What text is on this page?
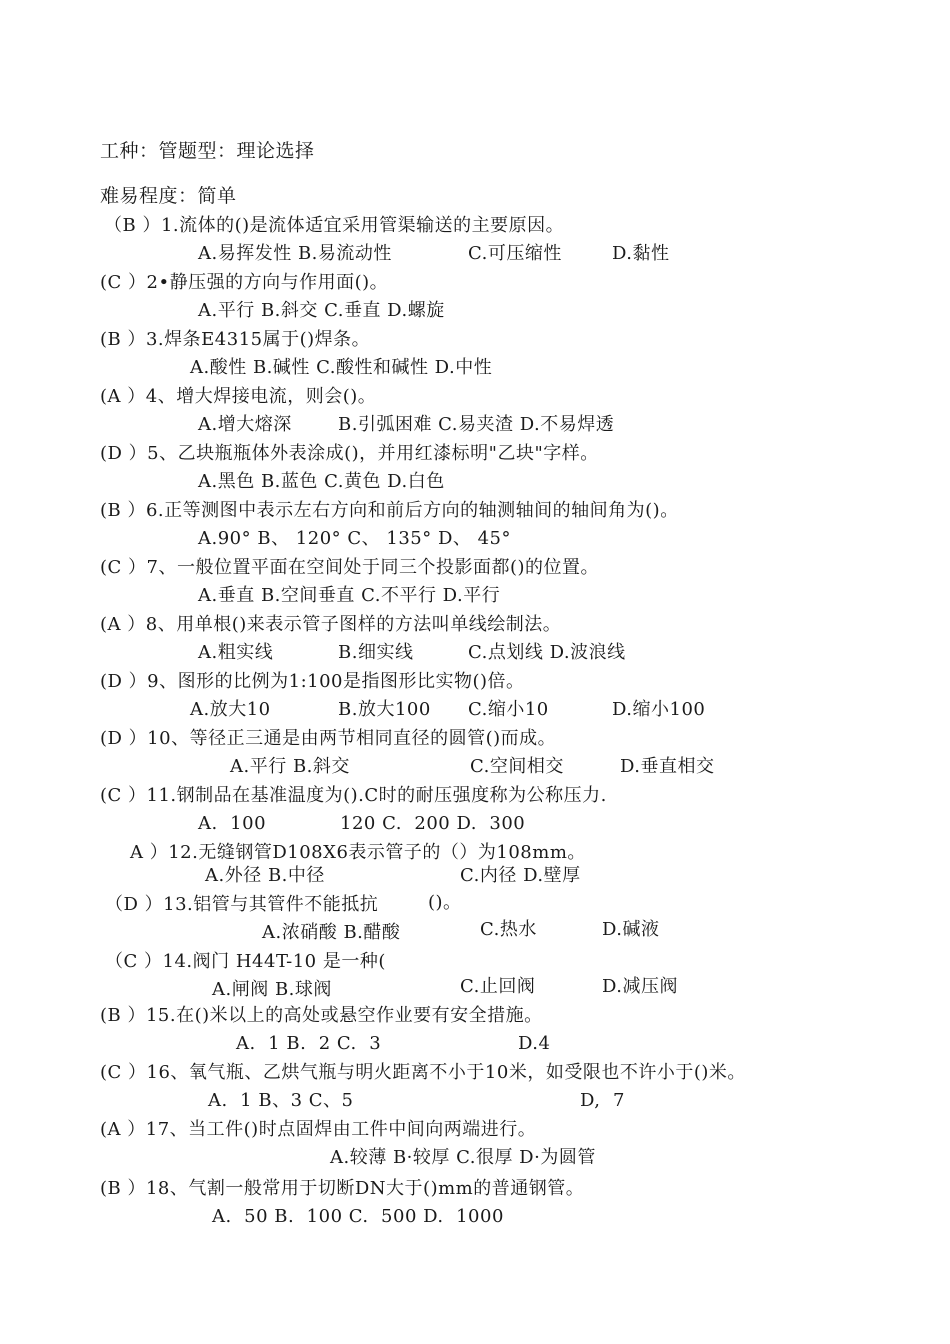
工种：管题型：理论选择
难易程度：简单
（B ）1.流体的()是流体适宜采用管渠输送的主要原因。
A.易挥发性 B.易流动性	C.可压缩性	D.黏性
(C ）2•静压强的方向与作用面()。
A.平行 B.斜交 C.垂直 D.螺旋
(B ）3.焊条E4315属于()焊条。
A.酸性 B.碱性 C.酸性和碱性 D.中性
(A ）4、增大焊接电流，则会()。
A.增大熔深	B.引弧困难 C.易夹渣 D.不易焊透
(D ）5、乙块瓶瓶体外表涂成()，并用红漆标明"乙块"字样。
A.黑色 B.蓝色 C.黄色 D.白色
(B ）6.正等测图中表示左右方向和前后方向的轴测轴间的轴间角为()。
A.90° B、 120° C、 135° D、 45°
(C ）7、一般位置平面在空间处于同三个投影面都()的位置。
A.垂直 B.空间垂直 C.不平行 D.平行
(A ）8、用单根()来表示管子图样的方法叫单线绘制法。
A.粗实线	B.细实线	C.点划线 D.波浪线
(D ）9、图形的比例为1:100是指图形比实物()倍。
A.放大10	B.放大100 C.缩小10	D.缩小100
(D ）10、等径正三通是由两节相同直径的圆管()而成。
A.平行 B.斜交	C.空间相交	D.垂直相交
(C ）11.钢制品在基准温度为().C时的耐压强度称为公称压力.
A.  100	120 C.  200 D.  300
A ）12.无缝钢管D108X6表示管子的（）为108mm。
A.外径 B.中径	C.内径 D.壁厚
（D ）13.铝管与其管件不能抵抗	()。
A.浓硝酸 B.醋酸	C.热水	D.碱液
（C ）14.阀门 H44T-10 是一种(
A.闸阀 B.球阀	C.止回阀	D.减压阀
(B ）15.在()米以上的高处或悬空作业要有安全措施。
A.  1 B.  2 C.  3	D.4
(C ）16、氧气瓶、乙烘气瓶与明火距离不小于10米，如受限也不许小于()米。
A.  1 B、3 C、5	D,  7
(A ）17、当工件()时点固焊由工件中间向两端进行。
A.较薄 B·较厚 C.很厚 D·为圆管
(B ）18、气割一般常用于切断DN大于()mm的普通钢管。
A.  50 B.  100 C.  500 D.  1000
